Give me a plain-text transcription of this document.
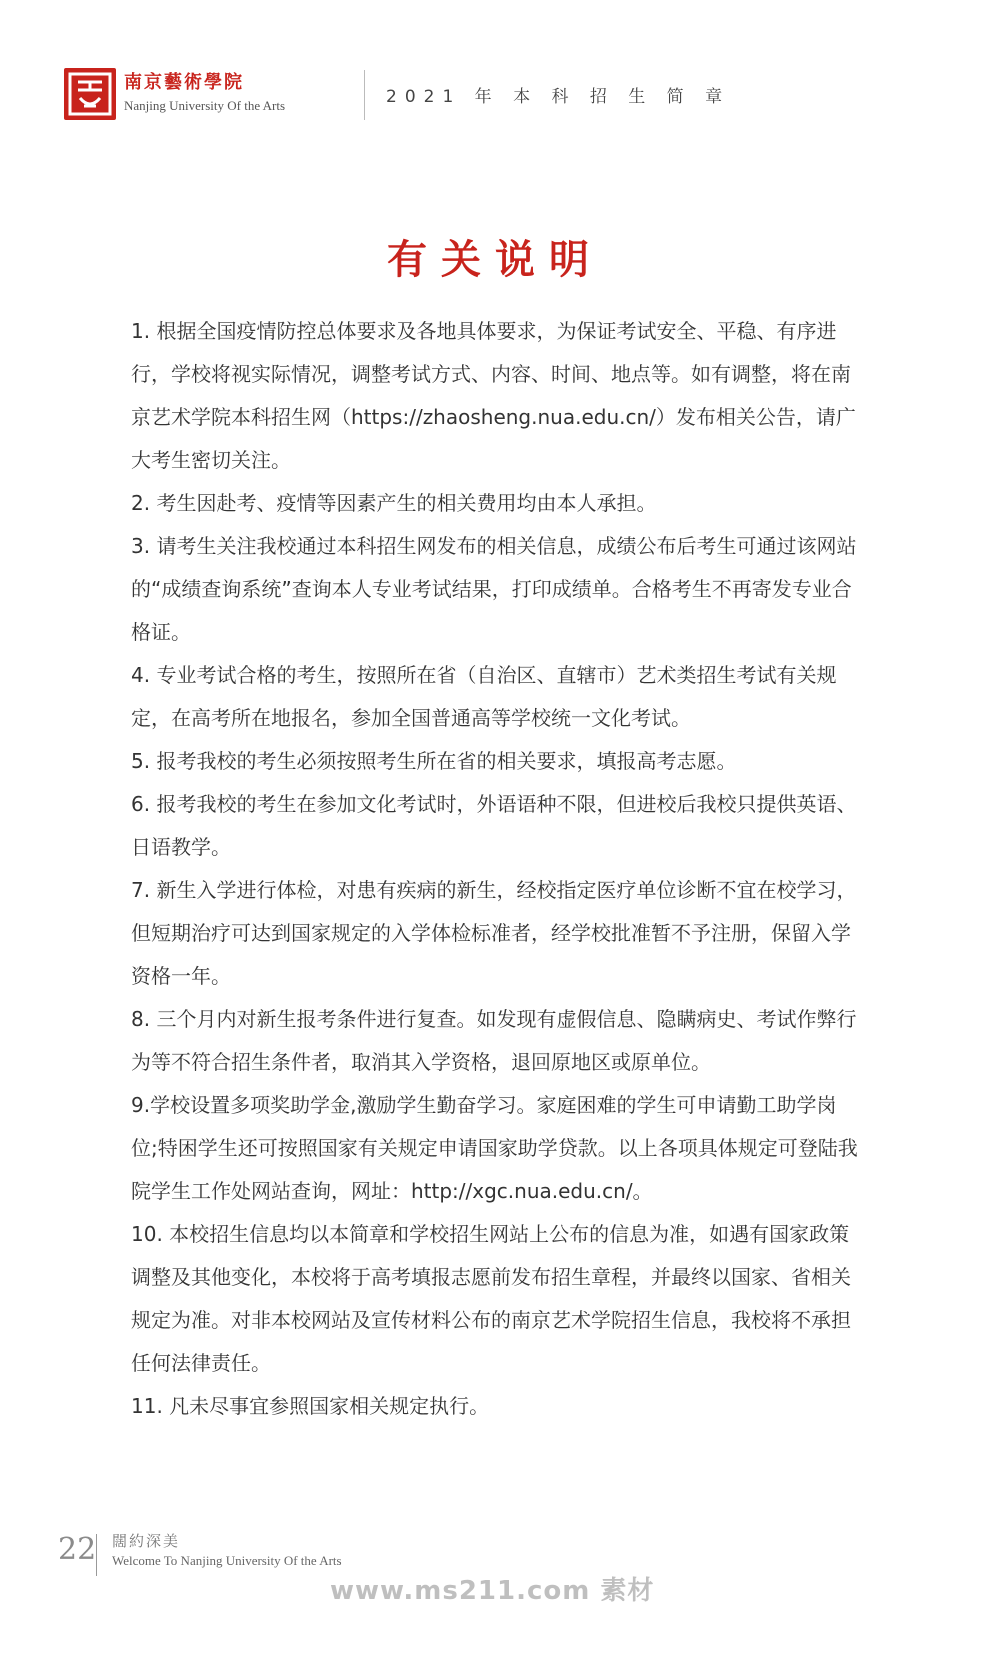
南京藝術學院
Nanjing University Of the Arts	2021 年 本 科 招 生 简 章
有关说明

1. 根据全国疫情防控总体要求及各地具体要求，为保证考试安全、平稳、有序进行，学校将视实际情况，调整考试方式、内容、时间、地点等。如有调整，将在南京艺术学院本科招生网（https://zhaosheng.nua.edu.cn/）发布相关公告，请广大考生密切关注。

2. 考生因赴考、疫情等因素产生的相关费用均由本人承担。

3. 请考生关注我校通过本科招生网发布的相关信息，成绩公布后考生可通过该网站的“成绩查询系统”查询本人专业考试结果，打印成绩单。合格考生不再寄发专业合格证。

4. 专业考试合格的考生，按照所在省（自治区、直辖市）艺术类招生考试有关规定，在高考所在地报名，参加全国普通高等学校统一文化考试。

5. 报考我校的考生必须按照考生所在省的相关要求，填报高考志愿。

6. 报考我校的考生在参加文化考试时，外语语种不限，但进校后我校只提供英语、日语教学。

7. 新生入学进行体检，对患有疾病的新生，经校指定医疗单位诊断不宜在校学习，但短期治疗可达到国家规定的入学体检标准者，经学校批准暂不予注册，保留入学资格一年。

8. 三个月内对新生报考条件进行复查。如发现有虚假信息、隐瞒病史、考试作弊行为等不符合招生条件者，取消其入学资格，退回原地区或原单位。

9.学校设置多项奖助学金,激励学生勤奋学习。家庭困难的学生可申请勤工助学岗位;特困学生还可按照国家有关规定申请国家助学贷款。以上各项具体规定可登陆我院学生工作处网站查询，网址：http://xgc.nua.edu.cn/。

10. 本校招生信息均以本简章和学校招生网站上公布的信息为准，如遇有国家政策调整及其他变化，本校将于高考填报志愿前发布招生章程，并最终以国家、省相关规定为准。对非本校网站及宣传材料公布的南京艺术学院招生信息，我校将不承担任何法律责任。

11. 凡未尽事宜参照国家相关规定执行。

22 闊約深美
Welcome To Nanjing University Of the Arts
www.ms211.com 素材
